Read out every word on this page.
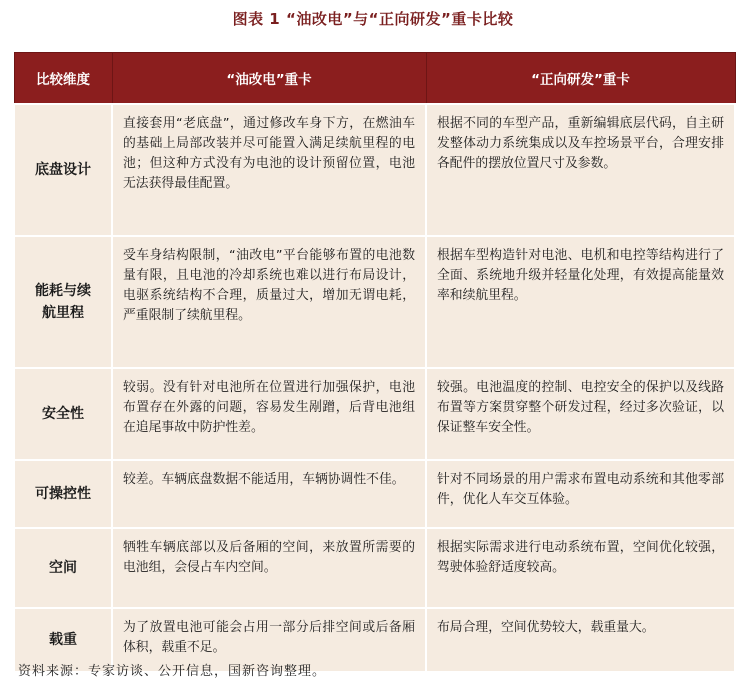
图表 1 “油改电”与“正向研发”重卡比较
比较维度	“油改电”重卡	“正向研发”重卡
底盘设计	直接套用“老底盘”，通过修改车身下方，在燃油车的基础上局部改装并尽可能置入满足续航里程的电池；但这种方式没有为电池的设计预留位置，电池无法获得最佳配置。	根据不同的车型产品，重新编辑底层代码，自主研发整体动力系统集成以及车控场景平台，合理安排各配件的摆放位置尺寸及参数。
能耗与续航里程	受车身结构限制，“油改电”平台能够布置的电池数量有限，且电池的冷却系统也难以进行布局设计，电驱系统结构不合理，质量过大，增加无谓电耗，严重限制了续航里程。	根据车型构造针对电池、电机和电控等结构进行了全面、系统地升级并轻量化处理，有效提高能量效率和续航里程。
安全性	较弱。没有针对电池所在位置进行加强保护，电池布置存在外露的问题，容易发生剐蹭，后背电池组在追尾事故中防护性差。	较强。电池温度的控制、电控安全的保护以及线路布置等方案贯穿整个研发过程，经过多次验证，以保证整车安全性。
可操控性	较差。车辆底盘数据不能适用，车辆协调性不佳。	针对不同场景的用户需求布置电动系统和其他零部件，优化人车交互体验。
空间	牺牲车辆底部以及后备厢的空间，来放置所需要的电池组，会侵占车内空间。	根据实际需求进行电动系统布置，空间优化较强，驾驶体验舒适度较高。
载重	为了放置电池可能会占用一部分后排空间或后备厢体积，载重不足。	布局合理，空间优势较大，载重量大。
资料来源：专家访谈、公开信息，国新咨询整理。
